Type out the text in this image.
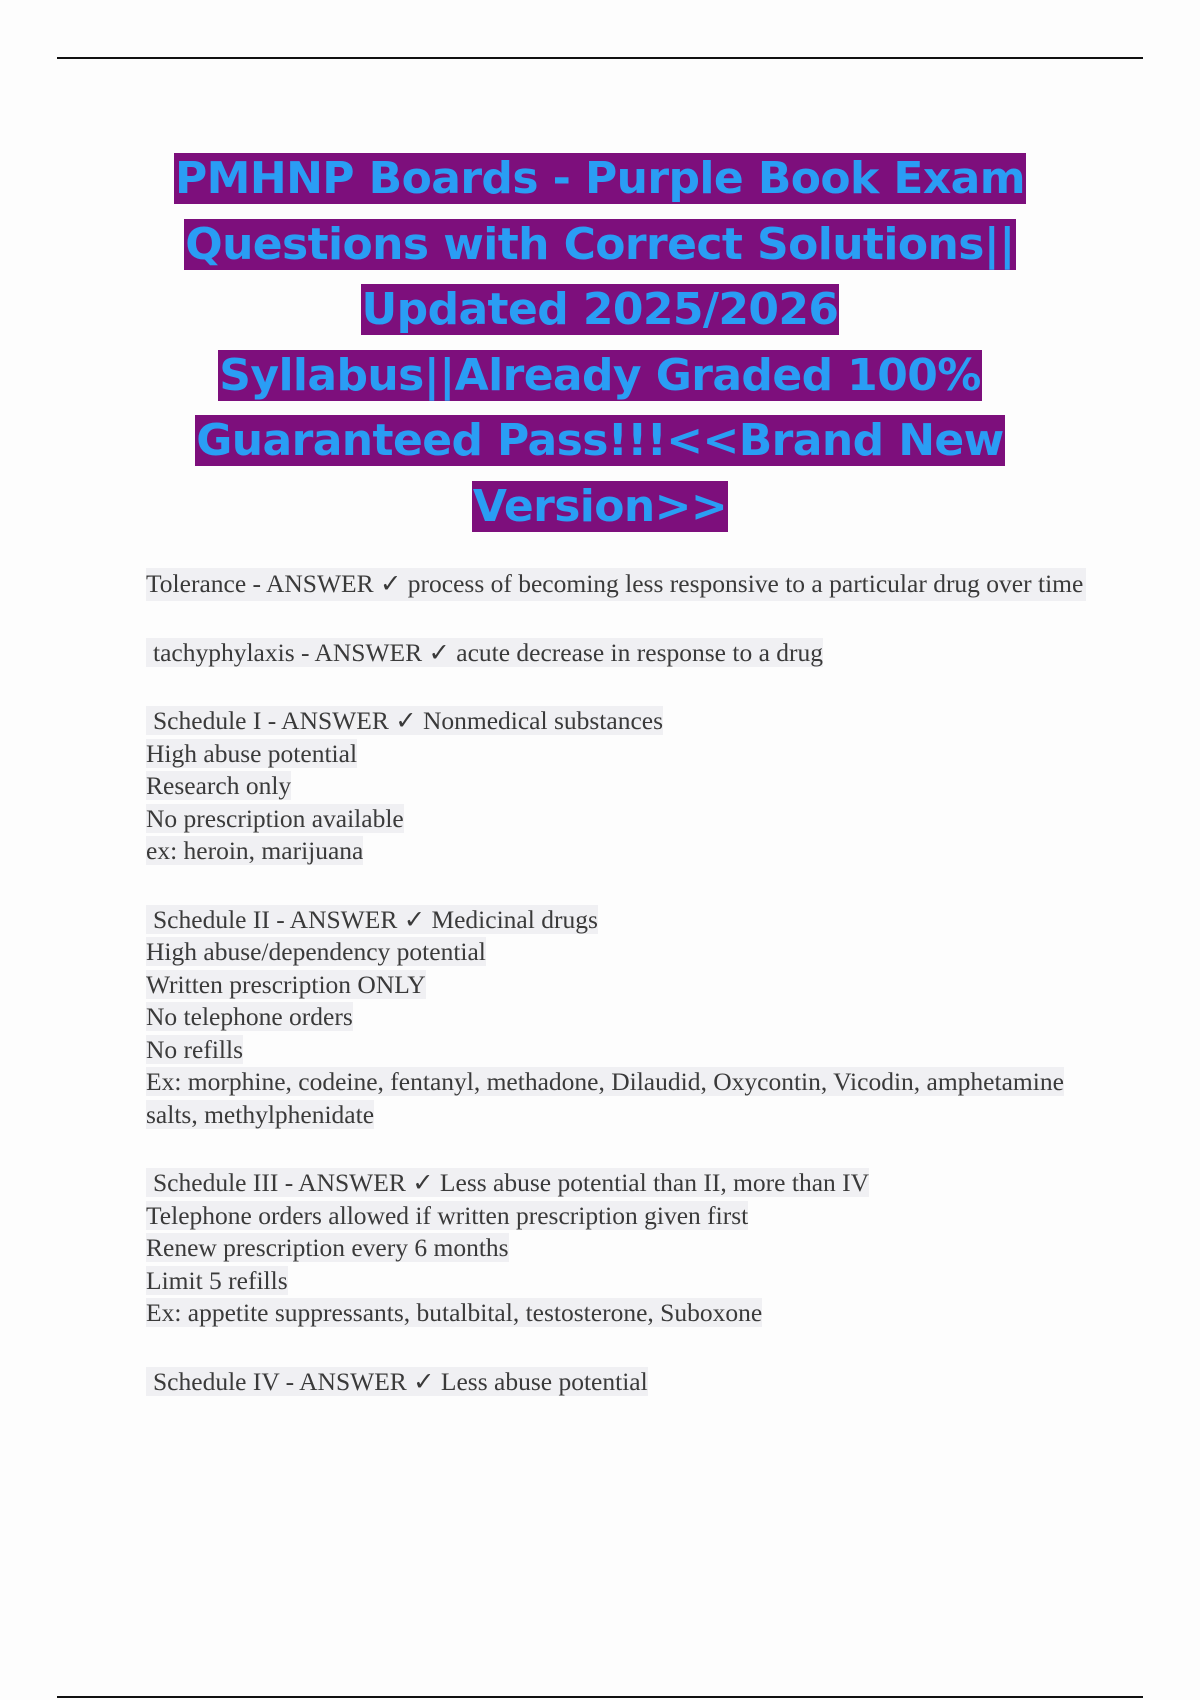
PMHNP Boards - Purple Book Exam
Questions with Correct Solutions||
Updated 2025/2026
Syllabus||Already Graded 100%
Guaranteed Pass!!!<<Brand New
Version>>
Tolerance - ANSWER ✓ process of becoming less responsive to a particular drug over time
tachyphylaxis - ANSWER ✓ acute decrease in response to a drug
Schedule I - ANSWER ✓ Nonmedical substances
High abuse potential
Research only
No prescription available
ex: heroin, marijuana
Schedule II - ANSWER ✓ Medicinal drugs
High abuse/dependency potential
Written prescription ONLY
No telephone orders
No refills
Ex: morphine, codeine, fentanyl, methadone, Dilaudid, Oxycontin, Vicodin, amphetamine salts, methylphenidate
Schedule III - ANSWER ✓ Less abuse potential than II, more than IV
Telephone orders allowed if written prescription given first
Renew prescription every 6 months
Limit 5 refills
Ex: appetite suppressants, butalbital, testosterone, Suboxone
Schedule IV - ANSWER ✓ Less abuse potential
